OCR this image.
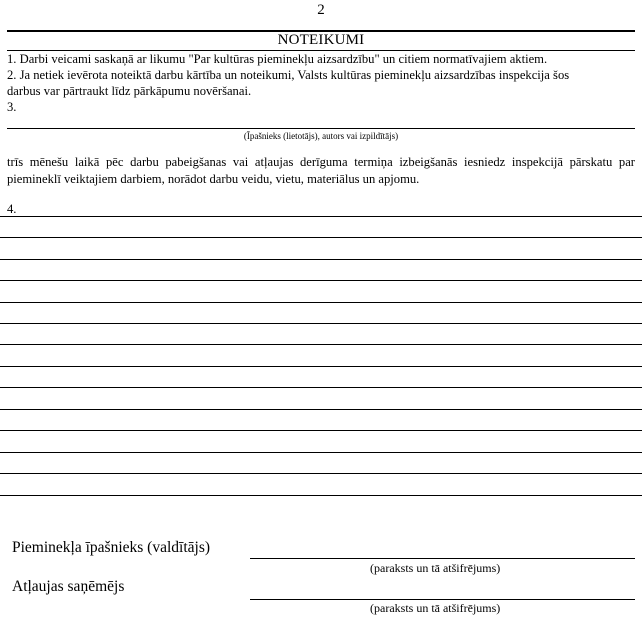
2
NOTEIKUMI
1. Darbi veicami saskaņā ar likumu "Par kultūras pieminekļu aizsardzību" un citiem normatīvajiem aktiem.
2. Ja netiek ievērota noteiktā darbu kārtība un noteikumi, Valsts kultūras pieminekļu aizsardzības inspekcija šos
darbus var pārtraukt līdz pārkāpumu novēršanai.
3.
(Īpašnieks (lietotājs), autors vai izpildītājs)
trīs mēnešu laikā pēc darbu pabeigšanas vai atļaujas derīguma termiņa izbeigšanās iesniedz inspekcijā pārskatu par piemineklī veiktajiem darbiem, norādot darbu veidu, vietu, materiālus un apjomu.
4.
Pieminekļa īpašnieks (valdītājs)
(paraksts un tā atšifrējums)
Atļaujas saņēmējs
(paraksts un tā atšifrējums)
